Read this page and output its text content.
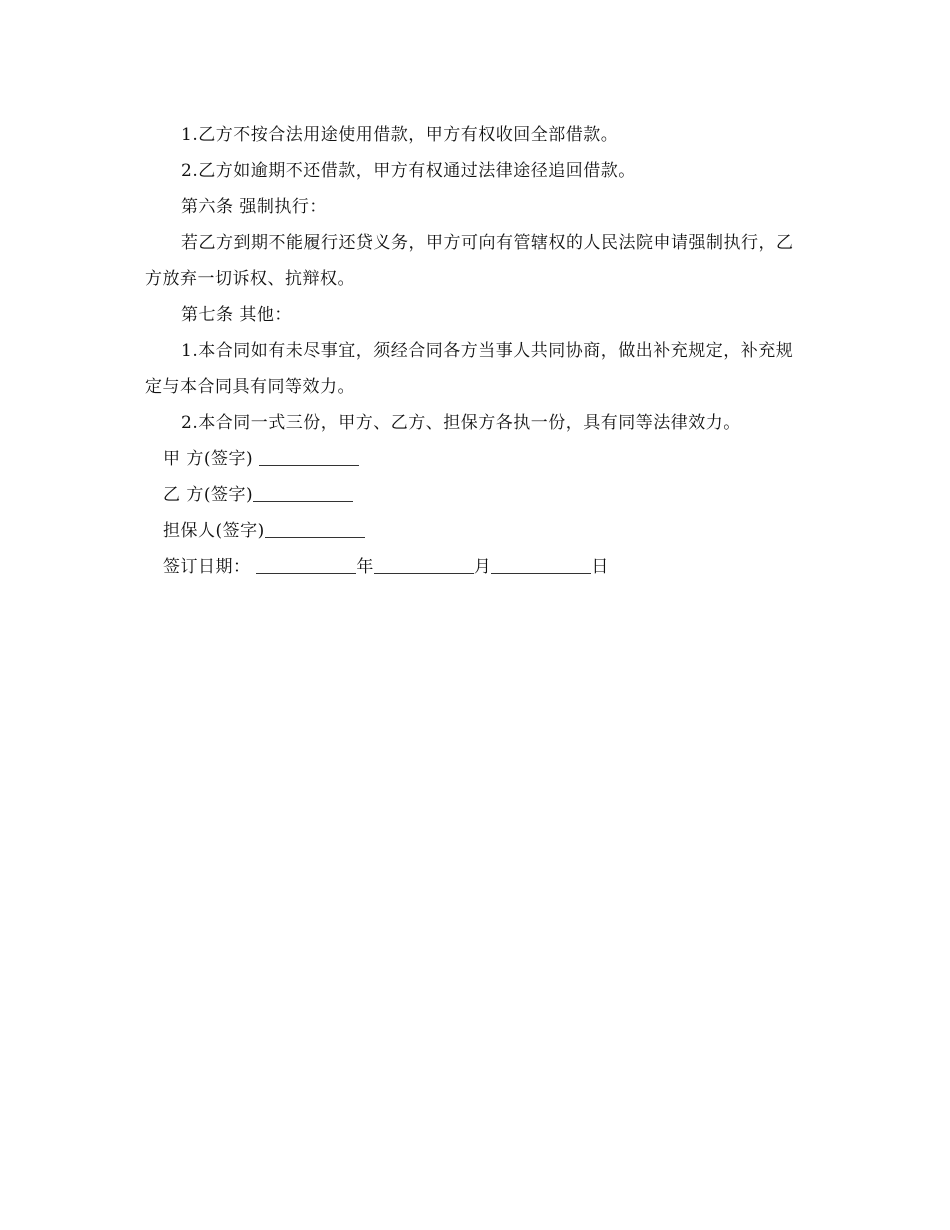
1.乙方不按合法用途使用借款，甲方有权收回全部借款。

2.乙方如逾期不还借款，甲方有权通过法律途径追回借款。

第六条 强制执行：

若乙方到期不能履行还贷义务，甲方可向有管辖权的人民法院申请强制执行，乙方放弃一切诉权、抗辩权。

第七条 其他：

1.本合同如有未尽事宜，须经合同各方当事人共同协商，做出补充规定，补充规定与本合同具有同等效力。

2.本合同一式三份，甲方、乙方、担保方各执一份，具有同等法律效力。

甲 方(签字)

乙 方(签字)

担保人(签字)

签订日期：	年	月	日
